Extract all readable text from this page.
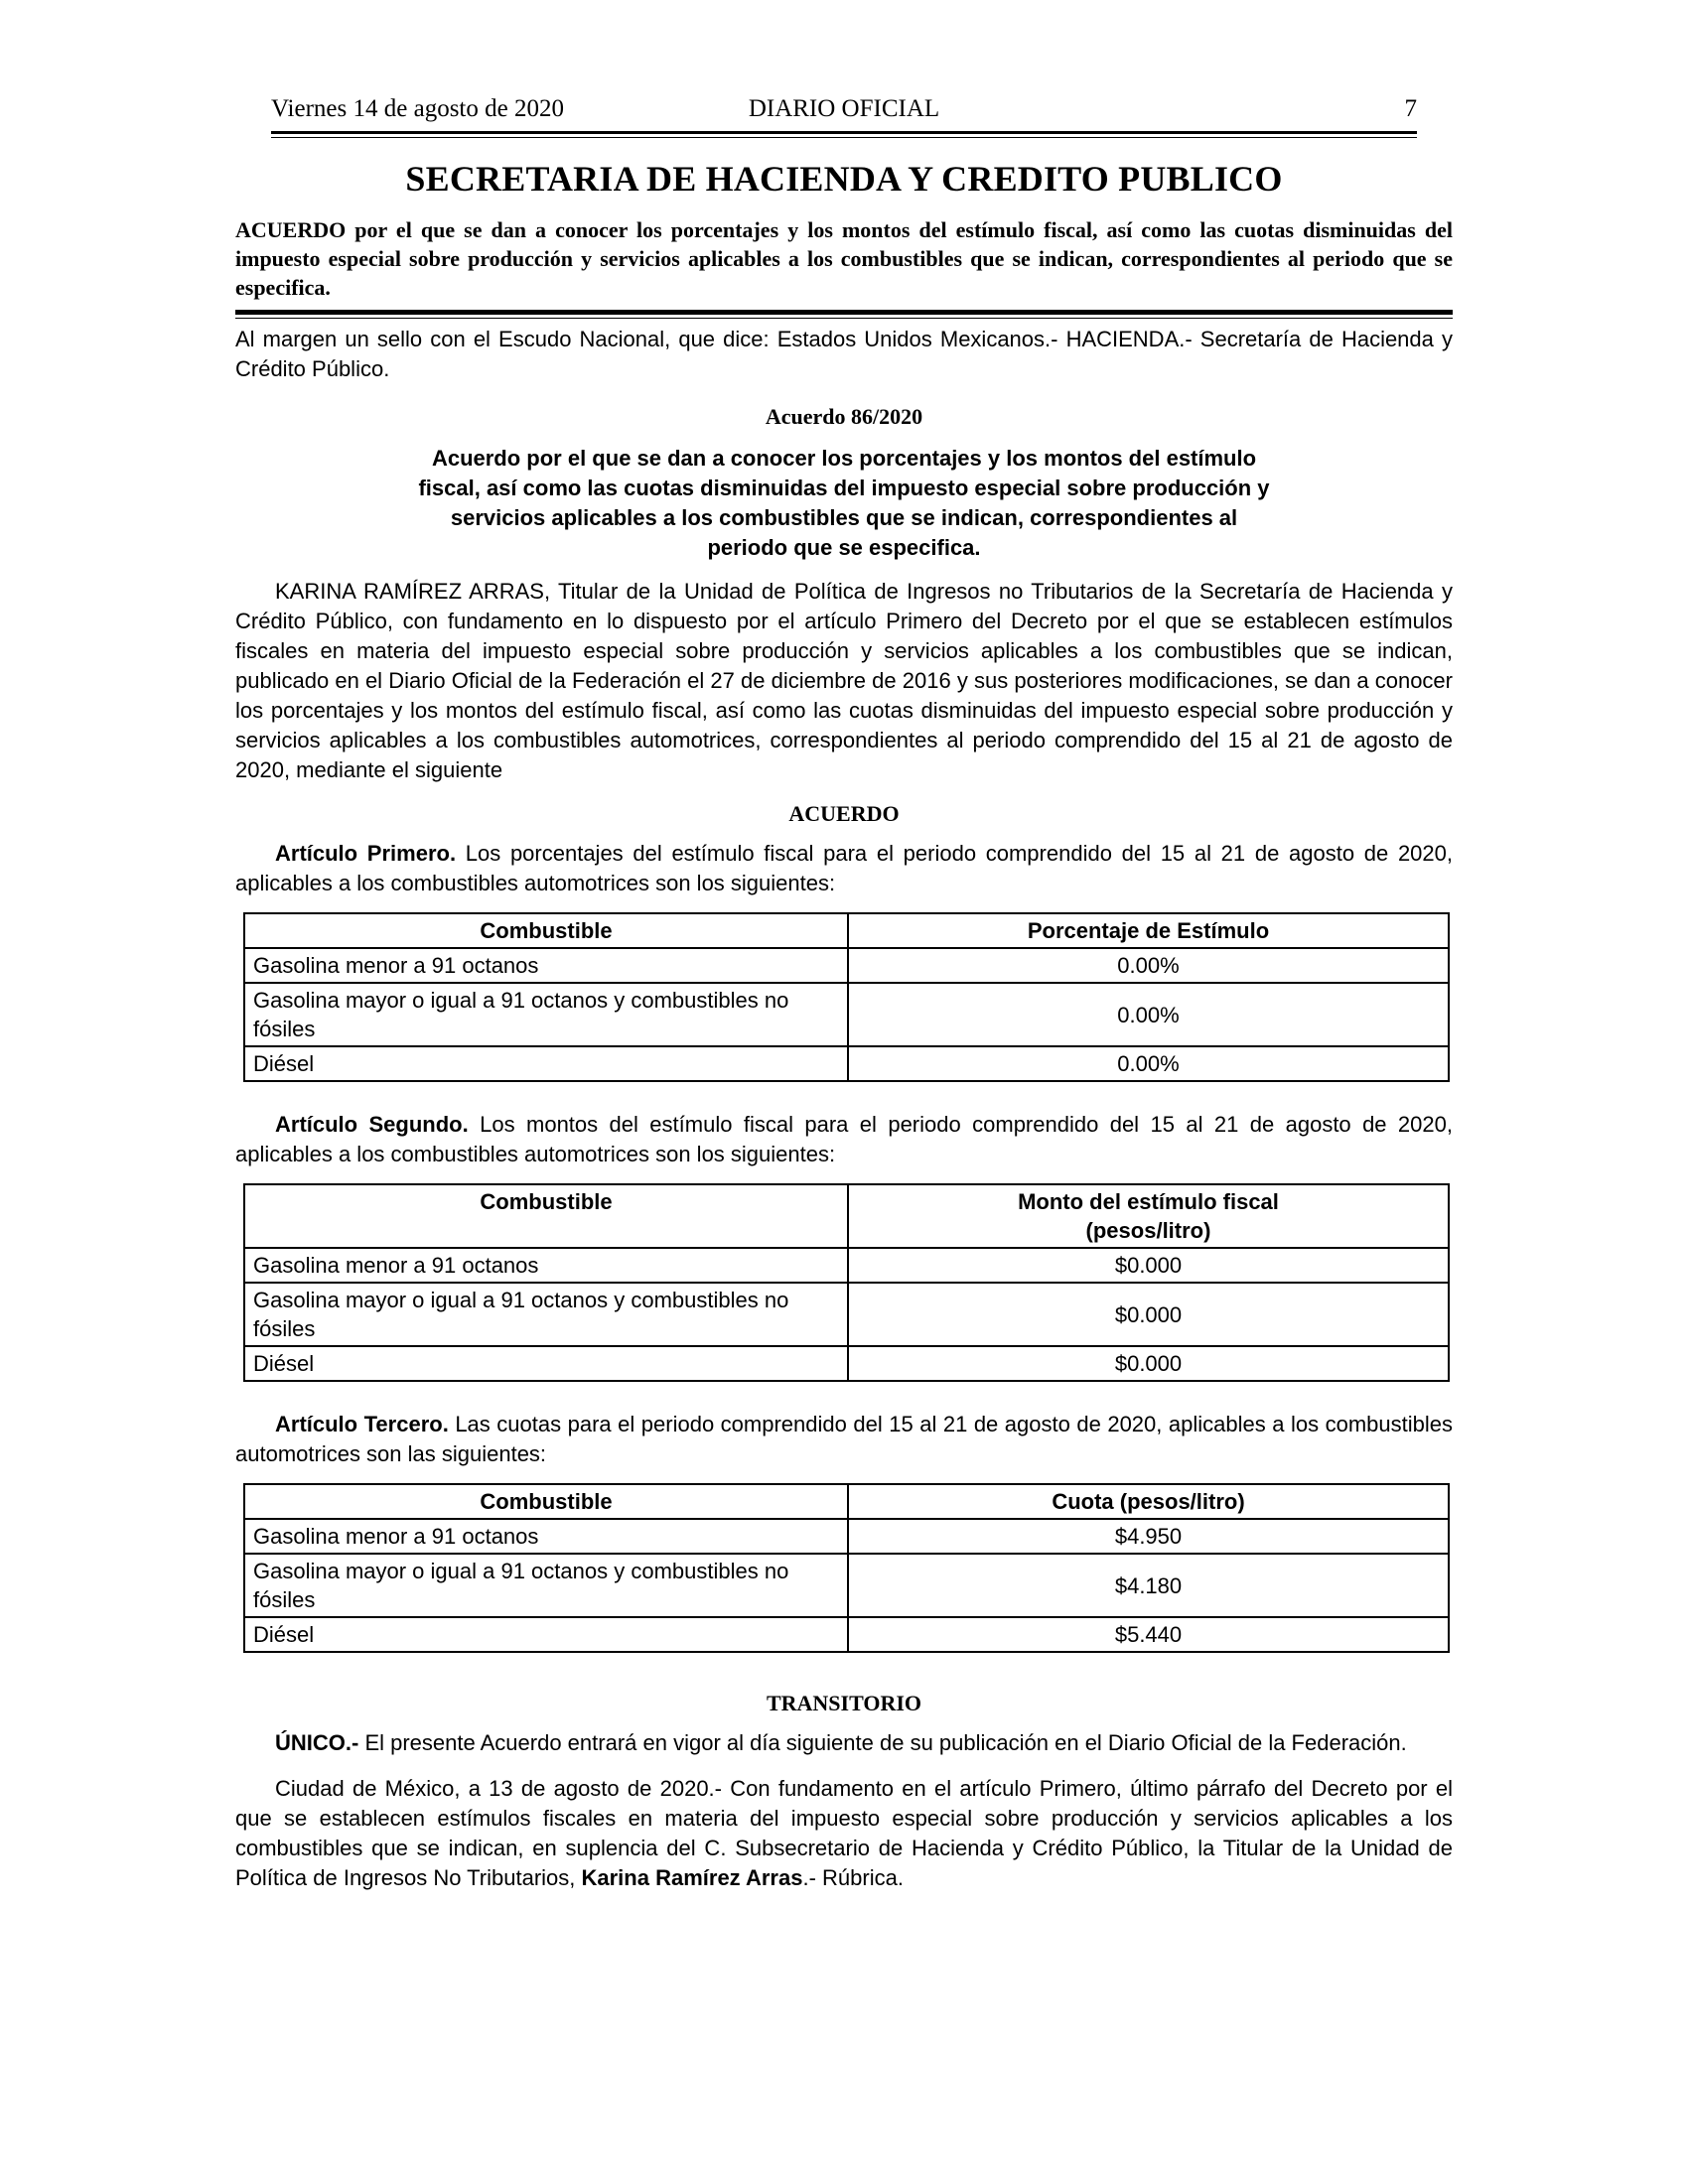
Viernes 14 de agosto de 2020	DIARIO OFICIAL	7
SECRETARIA DE HACIENDA Y CREDITO PUBLICO
ACUERDO por el que se dan a conocer los porcentajes y los montos del estímulo fiscal, así como las cuotas disminuidas del impuesto especial sobre producción y servicios aplicables a los combustibles que se indican, correspondientes al periodo que se especifica.

Al margen un sello con el Escudo Nacional, que dice: Estados Unidos Mexicanos.- HACIENDA.- Secretaría de Hacienda y Crédito Público.

Acuerdo 86/2020
Acuerdo por el que se dan a conocer los porcentajes y los montos del estímulo fiscal, así como las cuotas disminuidas del impuesto especial sobre producción y servicios aplicables a los combustibles que se indican, correspondientes al periodo que se especifica.

KARINA RAMÍREZ ARRAS, Titular de la Unidad de Política de Ingresos no Tributarios de la Secretaría de Hacienda y Crédito Público, con fundamento en lo dispuesto por el artículo Primero del Decreto por el que se establecen estímulos fiscales en materia del impuesto especial sobre producción y servicios aplicables a los combustibles que se indican, publicado en el Diario Oficial de la Federación el 27 de diciembre de 2016 y sus posteriores modificaciones, se dan a conocer los porcentajes y los montos del estímulo fiscal, así como las cuotas disminuidas del impuesto especial sobre producción y servicios aplicables a los combustibles automotrices, correspondientes al periodo comprendido del 15 al 21 de agosto de 2020, mediante el siguiente

ACUERDO

Artículo Primero. Los porcentajes del estímulo fiscal para el periodo comprendido del 15 al 21 de agosto de 2020, aplicables a los combustibles automotrices son los siguientes:

Combustible	Porcentaje de Estímulo
Gasolina menor a 91 octanos	0.00%
Gasolina mayor o igual a 91 octanos y combustibles no fósiles	0.00%
Diésel	0.00%

Artículo Segundo. Los montos del estímulo fiscal para el periodo comprendido del 15 al 21 de agosto de 2020, aplicables a los combustibles automotrices son los siguientes:

Combustible	Monto del estímulo fiscal
(pesos/litro)
Gasolina menor a 91 octanos	$0.000
Gasolina mayor o igual a 91 octanos y combustibles no fósiles	$0.000
Diésel	$0.000

Artículo Tercero. Las cuotas para el periodo comprendido del 15 al 21 de agosto de 2020, aplicables a los combustibles automotrices son las siguientes:

Combustible	Cuota (pesos/litro)
Gasolina menor a 91 octanos	$4.950
Gasolina mayor o igual a 91 octanos y combustibles no fósiles	$4.180
Diésel	$5.440
TRANSITORIO

ÚNICO.- El presente Acuerdo entrará en vigor al día siguiente de su publicación en el Diario Oficial de la Federación.

Ciudad de México, a 13 de agosto de 2020.- Con fundamento en el artículo Primero, último párrafo del Decreto por el que se establecen estímulos fiscales en materia del impuesto especial sobre producción y servicios aplicables a los combustibles que se indican, en suplencia del C. Subsecretario de Hacienda y Crédito Público, la Titular de la Unidad de Política de Ingresos No Tributarios, Karina Ramírez Arras.- Rúbrica.
